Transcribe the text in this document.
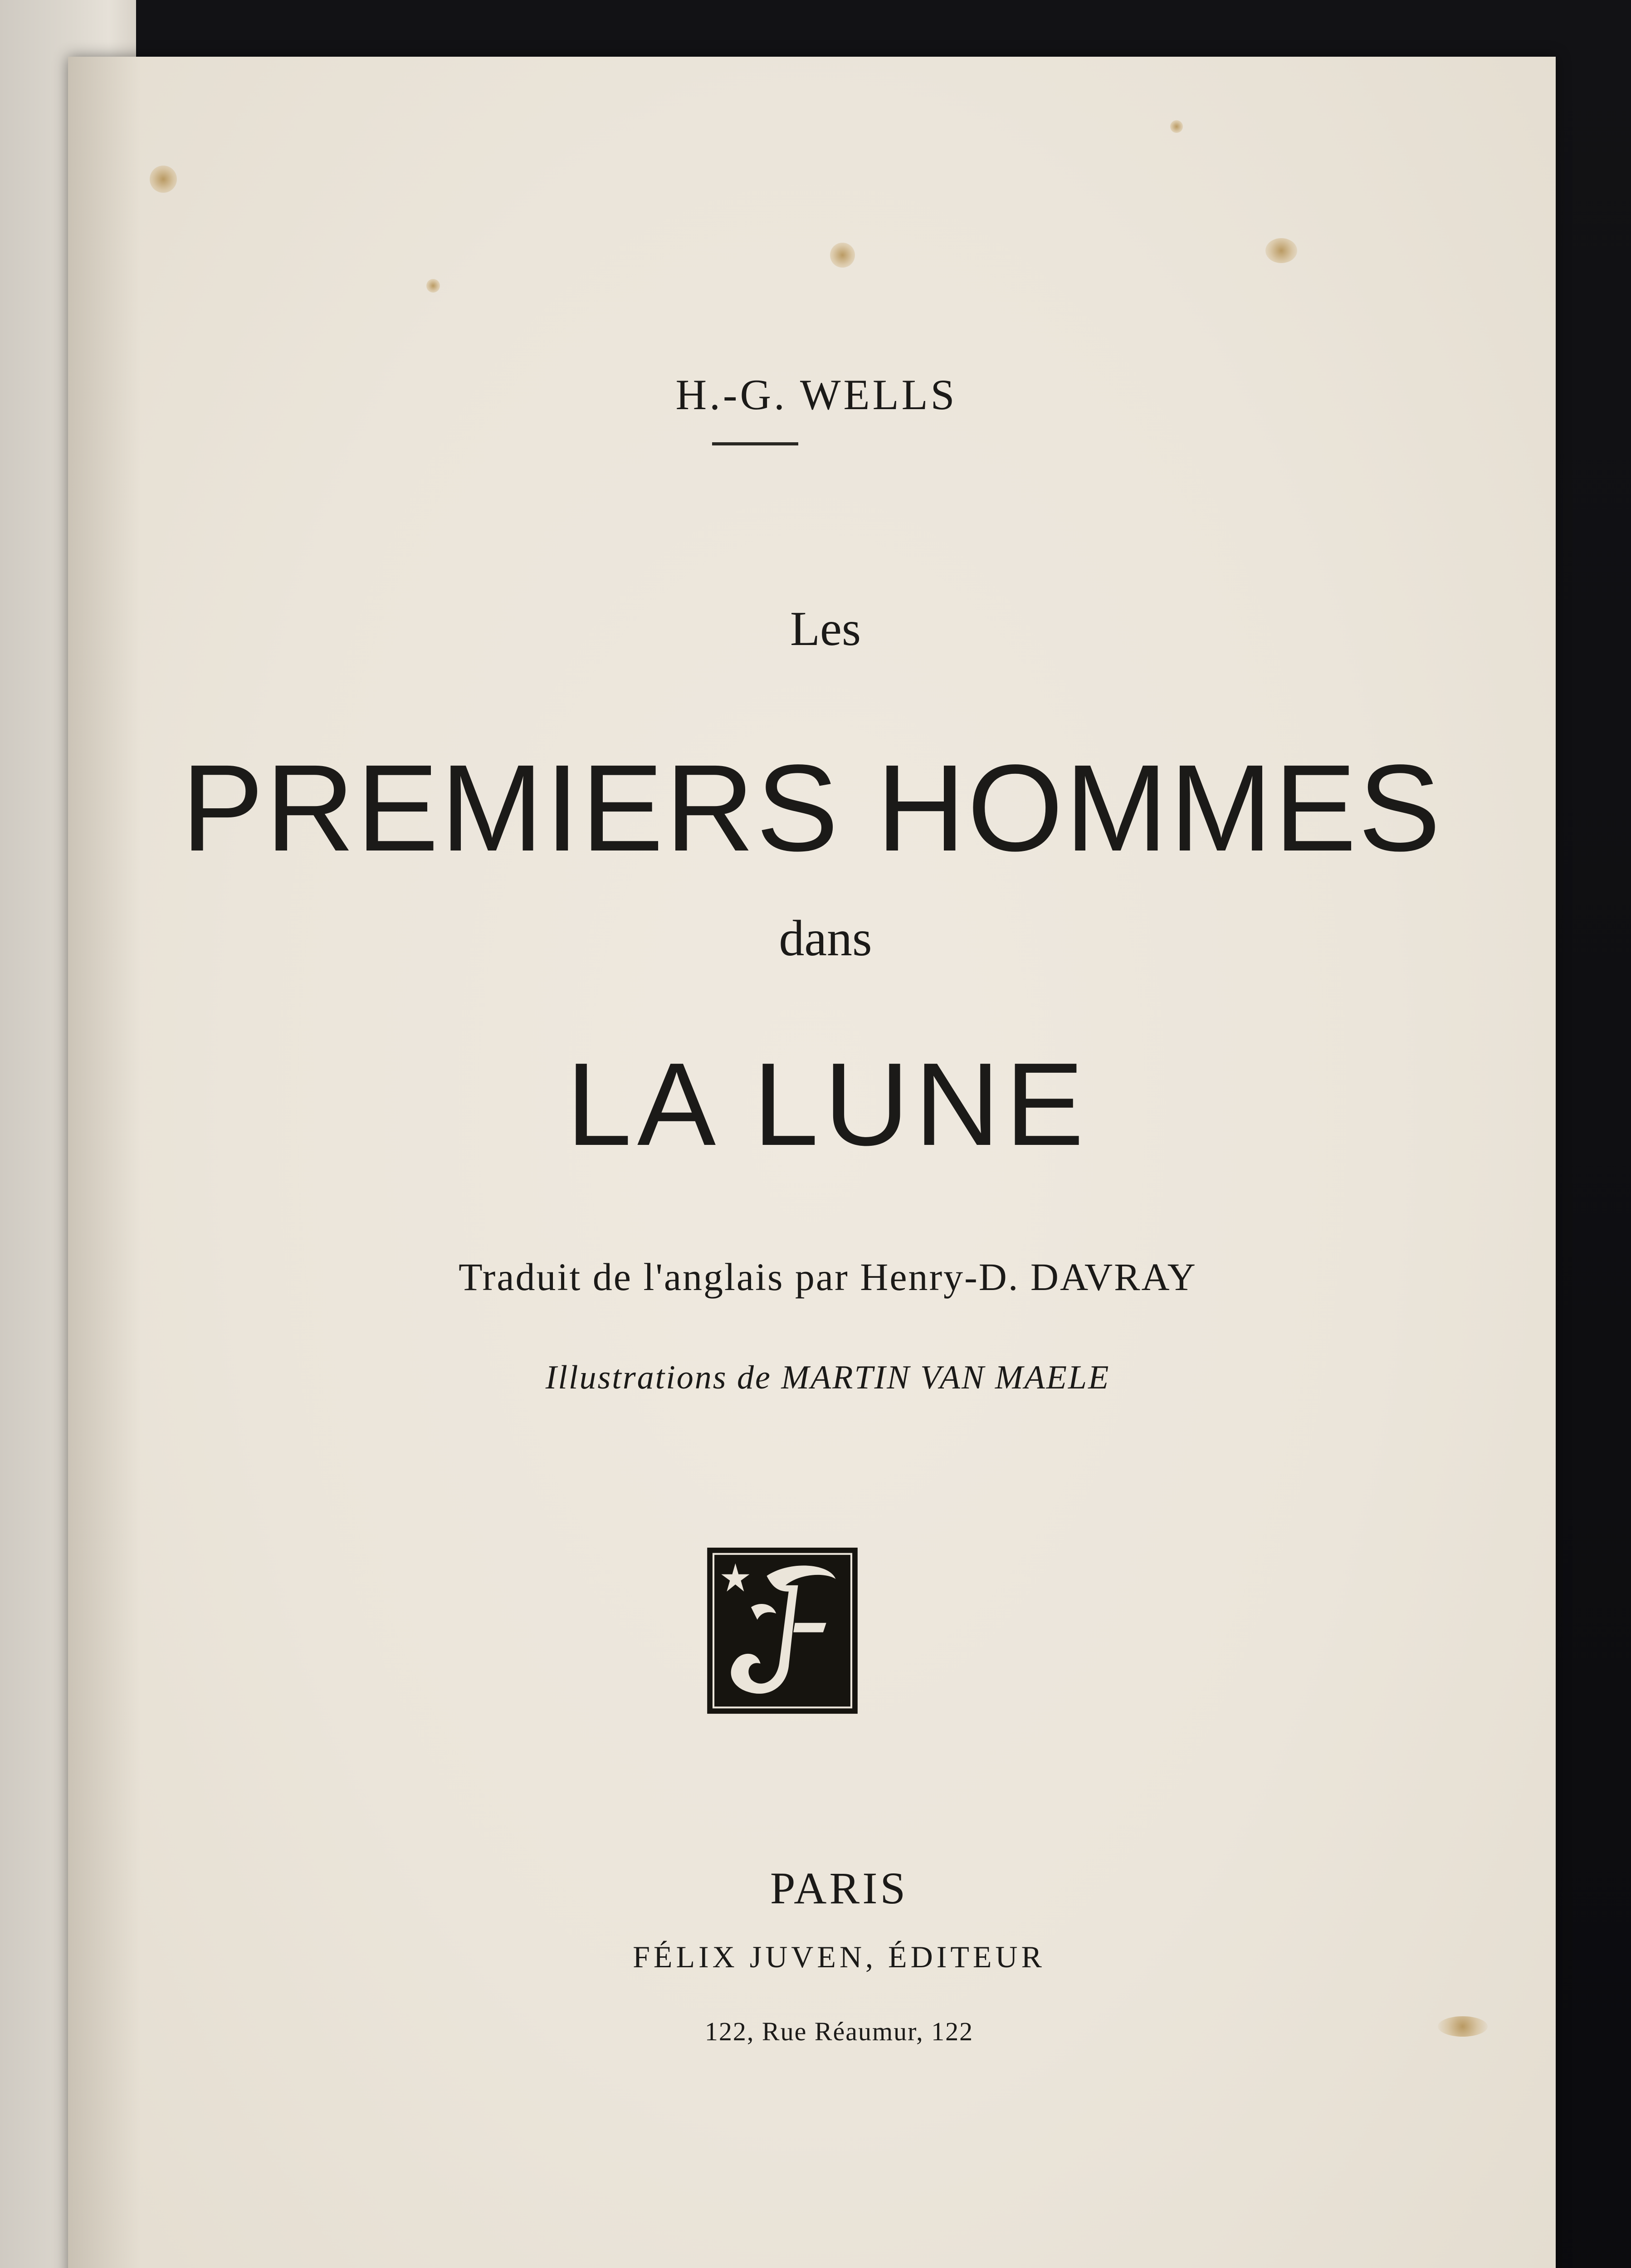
H.-G. WELLS
Les
PREMIERS HOMMES
dans
LA LUNE
Traduit de l'anglais par Henry-D. DAVRAY
Illustrations de MARTIN VAN MAELE
PARIS
FÉLIX JUVEN, ÉDITEUR
122, Rue Réaumur, 122
